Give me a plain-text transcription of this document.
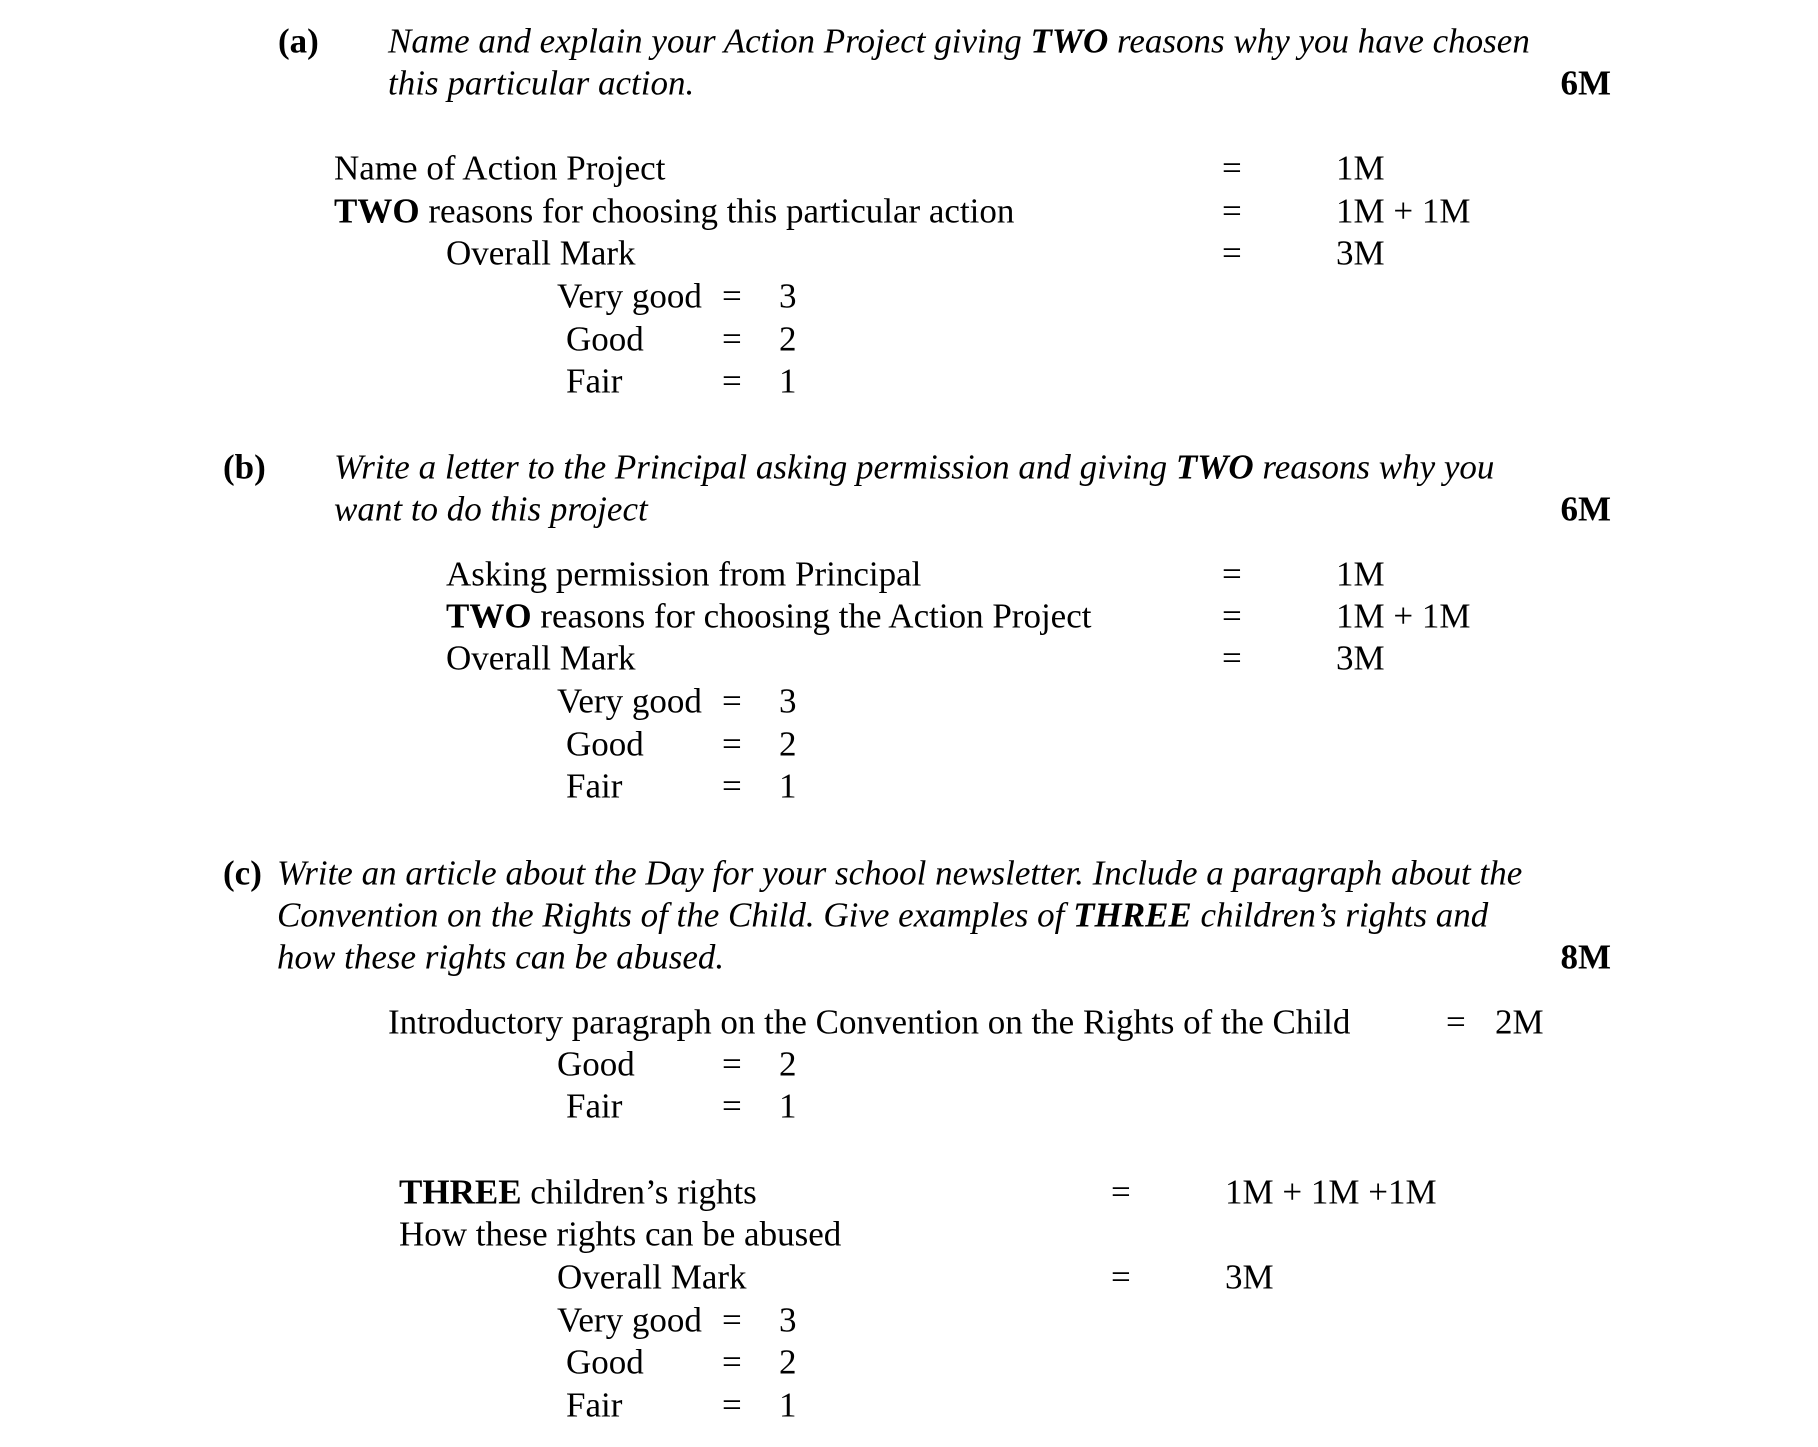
(a) Name and explain your Action Project giving TWO reasons why you have chosen
this particular action.	6M
Name of Action Project	=	1M
TWO reasons for choosing this particular action	=	1M + 1M
Overall Mark	=	3M
Very good = 3
Good = 2
Fair	= 1
(b) Write a letter to the Principal asking permission and giving TWO reasons why you
want to do this project	6M
Asking permission from Principal	=	1M
TWO reasons for choosing the Action Project	=	1M + 1M
Overall Mark	=	3M
Very good = 3
Good = 2
Fair	= 1
(c) Write an article about the Day for your school newsletter. Include a paragraph about the
Convention on the Rights of the Child. Give examples of THREE children’s rights and
how these rights can be abused.	8M
Introductory paragraph on the Convention on the Rights of the Child	= 2M
Good = 2
Fair	= 1
THREE children’s rights	=	1M + 1M +1M
How these rights can be abused
Overall Mark	=	3M
Very good = 3
Good = 2
Fair	= 1
